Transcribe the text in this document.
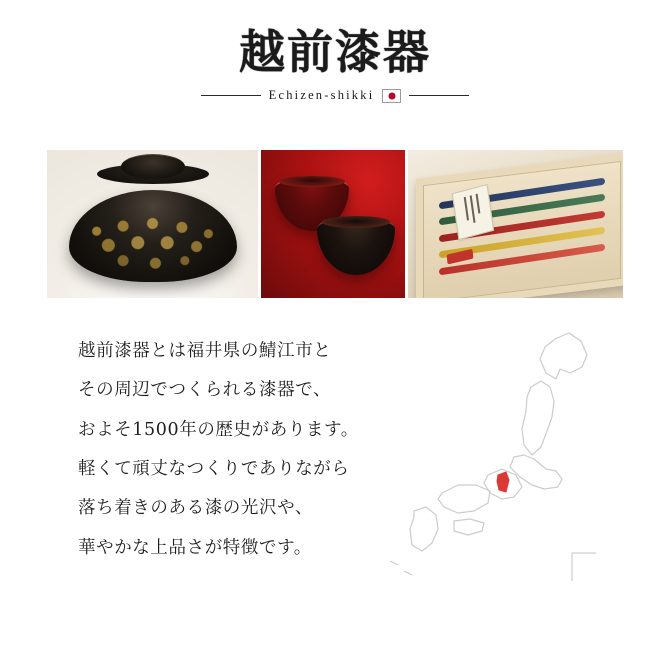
越前漆器
Echizen-shikki

越前漆器とは福井県の鯖江市と

その周辺でつくられる漆器で、

およそ1500年の歴史があります。

軽くて頑丈なつくりでありながら

落ち着きのある漆の光沢や、

華やかな上品さが特徴です。
